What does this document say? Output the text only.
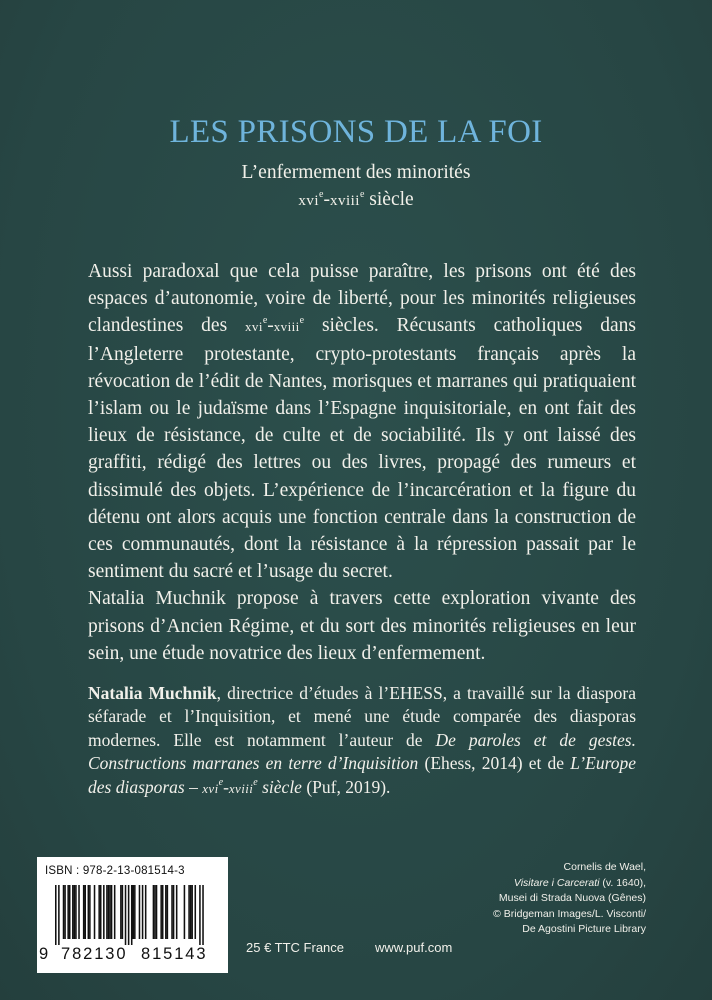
LES PRISONS DE LA FOI
L’enfermement des minorités
xvi$^e$-xviii$^e$ siècle

Aussi paradoxal que cela puisse paraître, les prisons ont été des espaces d’autonomie, voire de liberté, pour les minorités religieuses clandestines des xvi$^e$-xviii$^e$ siècles. Récusants catholiques dans l’Angleterre protestante, crypto-protestants français après la révocation de l’édit de Nantes, morisques et marranes qui pratiquaient l’islam ou le judaïsme dans l’Espagne inquisitoriale, en ont fait des lieux de résistance, de culte et de sociabilité. Ils y ont laissé des graffiti, rédigé des lettres ou des livres, propagé des rumeurs et dissimulé des objets. L’expérience de l’incarcération et la figure du détenu ont alors acquis une fonction centrale dans la construction de ces communautés, dont la résistance à la répression passait par le sentiment du sacré et l’usage du secret.

Natalia Muchnik propose à travers cette exploration vivante des prisons d’Ancien Régime, et du sort des minorités religieuses en leur sein, une étude novatrice des lieux d’enfermement.

Natalia Muchnik, directrice d’études à l’EHESS, a travaillé sur la diaspora séfarade et l’Inquisition, et mené une étude comparée des diasporas modernes. Elle est notamment l’auteur de De paroles et de gestes. Constructions marranes en terre d’Inquisition (Ehess, 2014) et de L’Europe des diasporas – xvi$^e$-xviii$^e$ siècle (Puf, 2019).

ISBN : 978-2-13-081514-3
9 782130 815143	25 € TTC France www.puf.com
Cornelis de Wael,
Visitare i Carcerati (v. 1640),
Musei di Strada Nuova (Gênes)
© Bridgeman Images/L. Visconti/
De Agostini Picture Library
